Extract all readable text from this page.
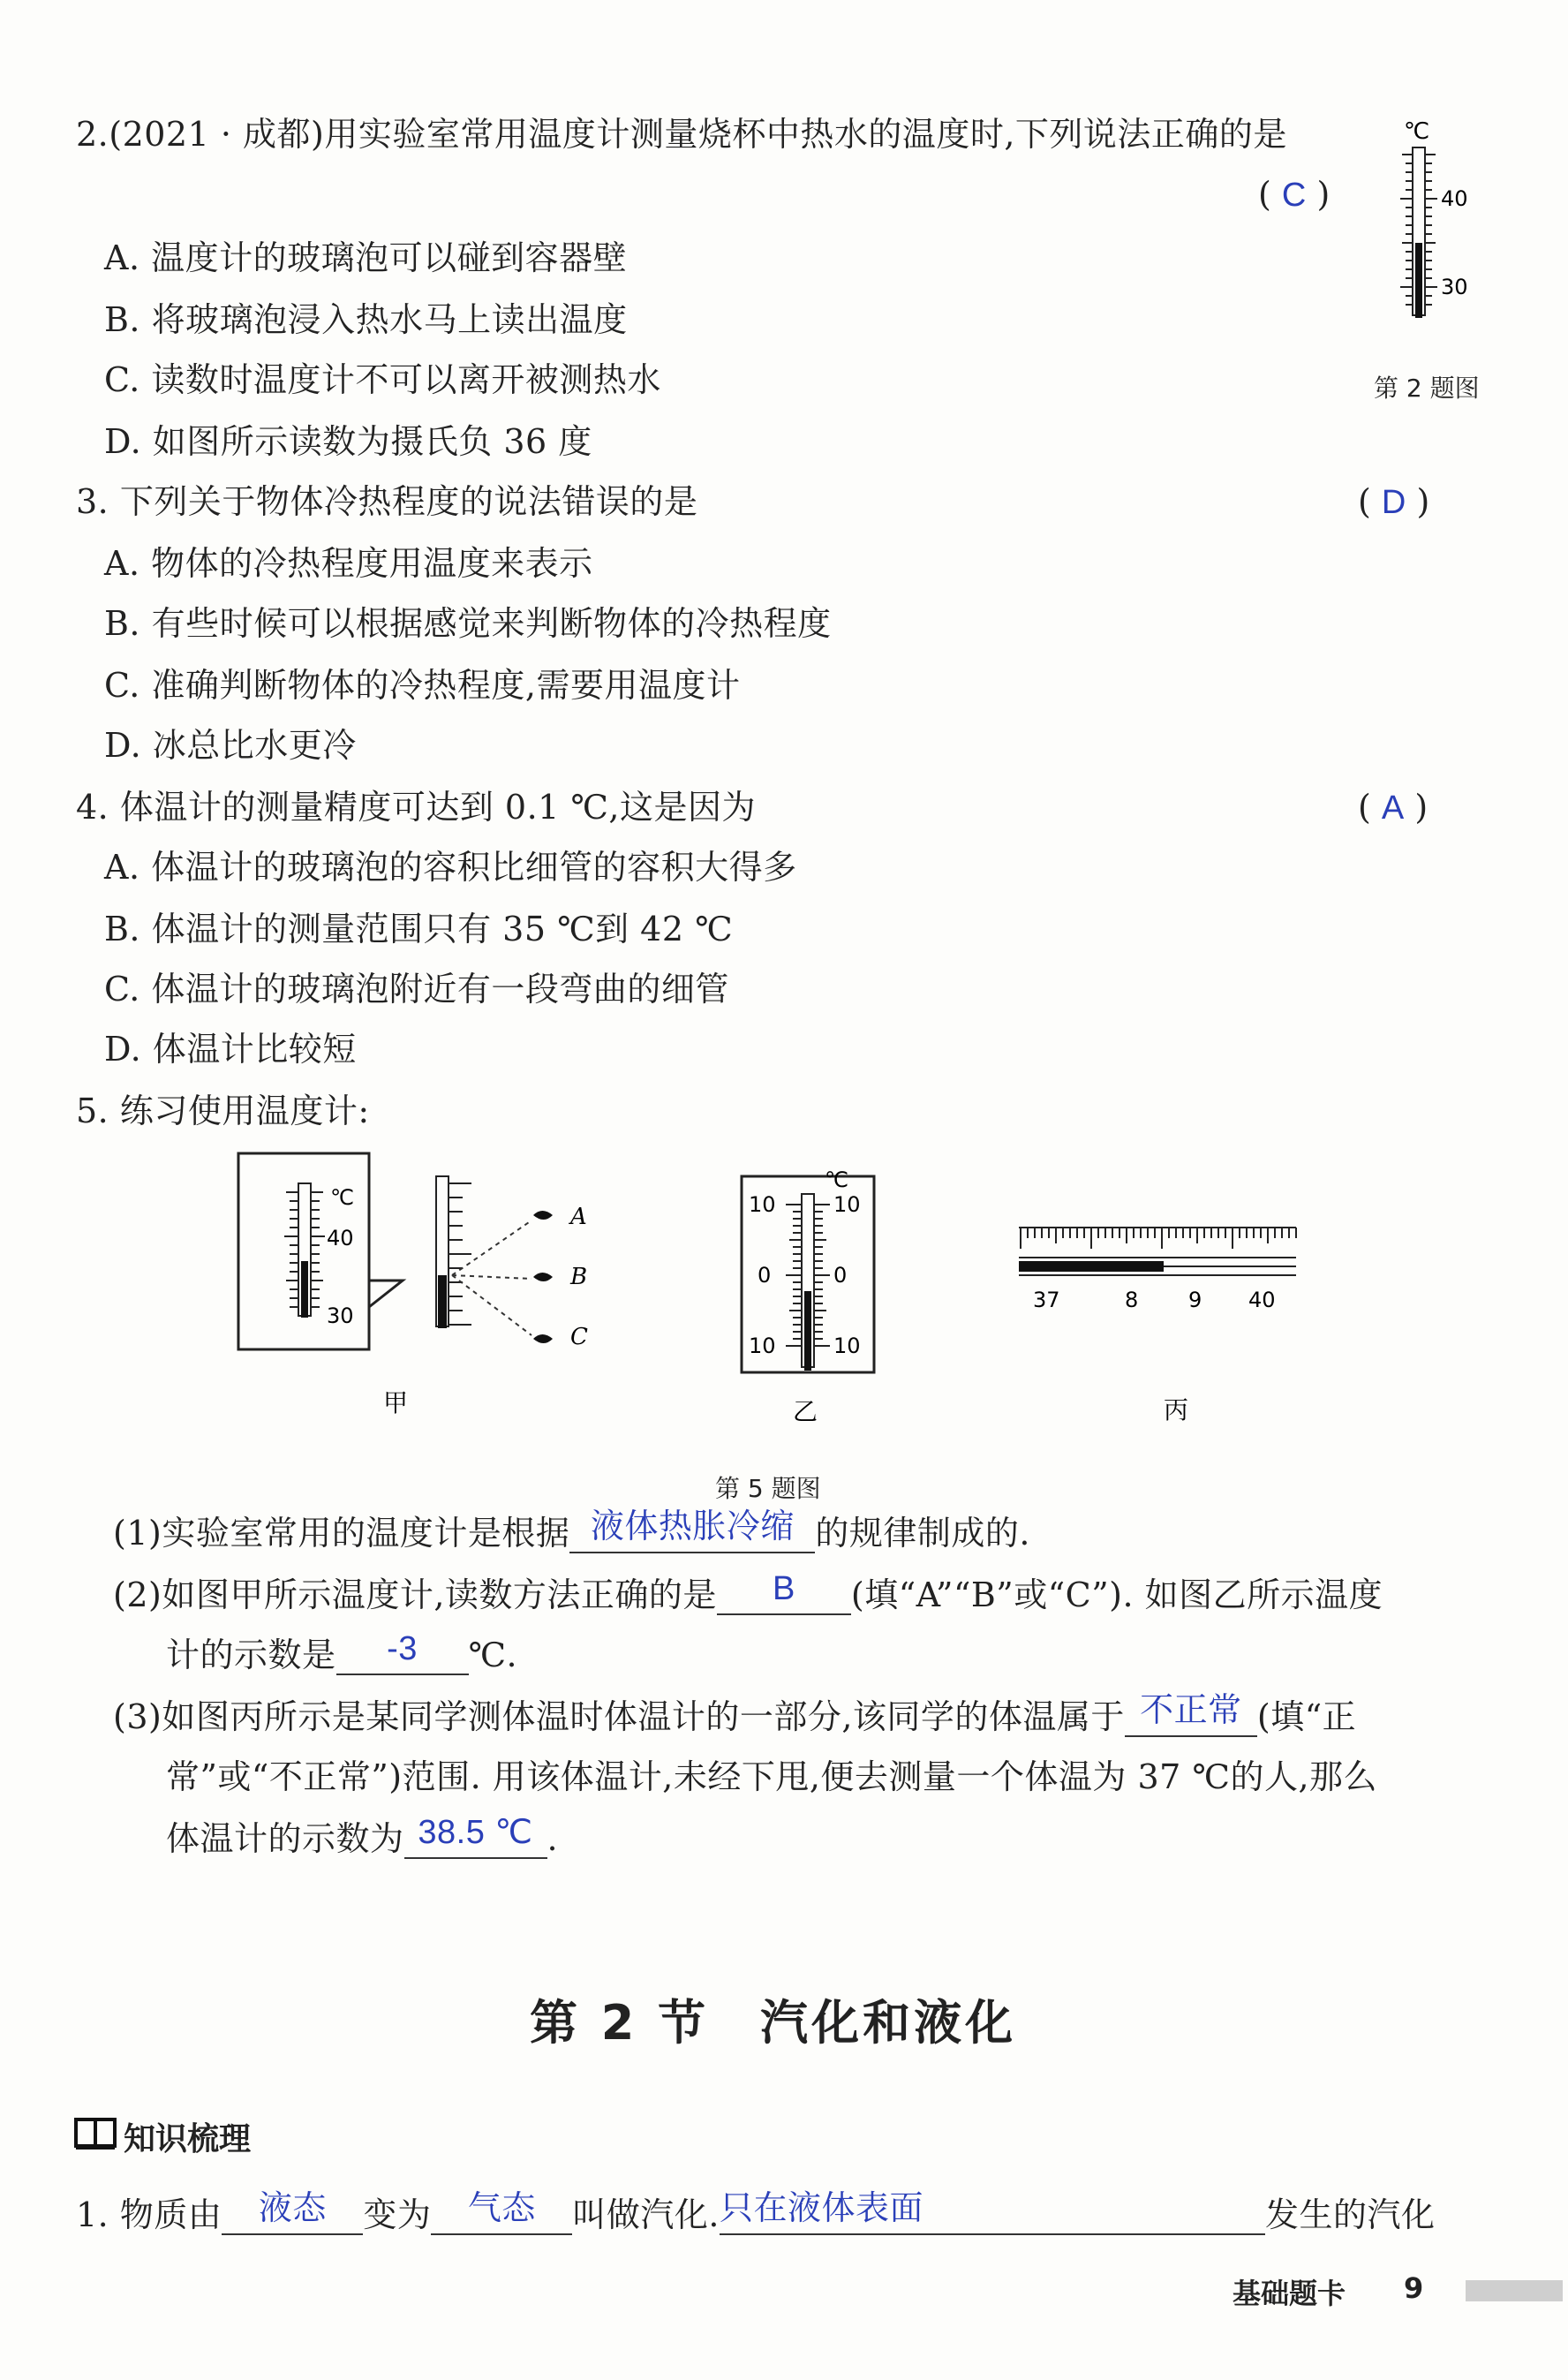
2.(2021 · 成都)用实验室常用温度计测量烧杯中热水的温度时,下列说法正确的是
( C )
A. 温度计的玻璃泡可以碰到容器壁
B. 将玻璃泡浸入热水马上读出温度
C. 读数时温度计不可以离开被测热水
D. 如图所示读数为摄氏负 36 度
℃
40
30
第 2 题图
3. 下列关于物体冷热程度的说法错误的是	( D )
A. 物体的冷热程度用温度来表示
B. 有些时候可以根据感觉来判断物体的冷热程度
C. 准确判断物体的冷热程度,需要用温度计
D. 冰总比水更冷
4. 体温计的测量精度可达到 0.1 ℃,这是因为	( A )
A. 体温计的玻璃泡的容积比细管的容积大得多
B. 体温计的测量范围只有 35 ℃到 42 ℃
C. 体温计的玻璃泡附近有一段弯曲的细管
D. 体温计比较短
5. 练习使用温度计:
℃
40
30
A
B
C
甲
℃
10
0
10
10
0
10
乙
37	8 9 40
丙
第 5 题图
(1)实验室常用的温度计是根据 液体热胀冷缩 的规律制成的.
(2)如图甲所示温度计,读数方法正确的是 B (填“A”“B”或“C”). 如图乙所示温度
计的示数是 -3 ℃.
(3)如图丙所示是某同学测体温时体温计的一部分,该同学的体温属于 不正常 (填“正
常”或“不正常”)范围. 用该体温计,未经下甩,便去测量一个体温为 37 ℃的人,那么
体温计的示数为 38.5 ℃ .
第 2 节　汽化和液化
知识梳理
1. 物质由 液态 变为 气态 叫做汽化.只在液体表面	发生的汽化
基础题卡 9
